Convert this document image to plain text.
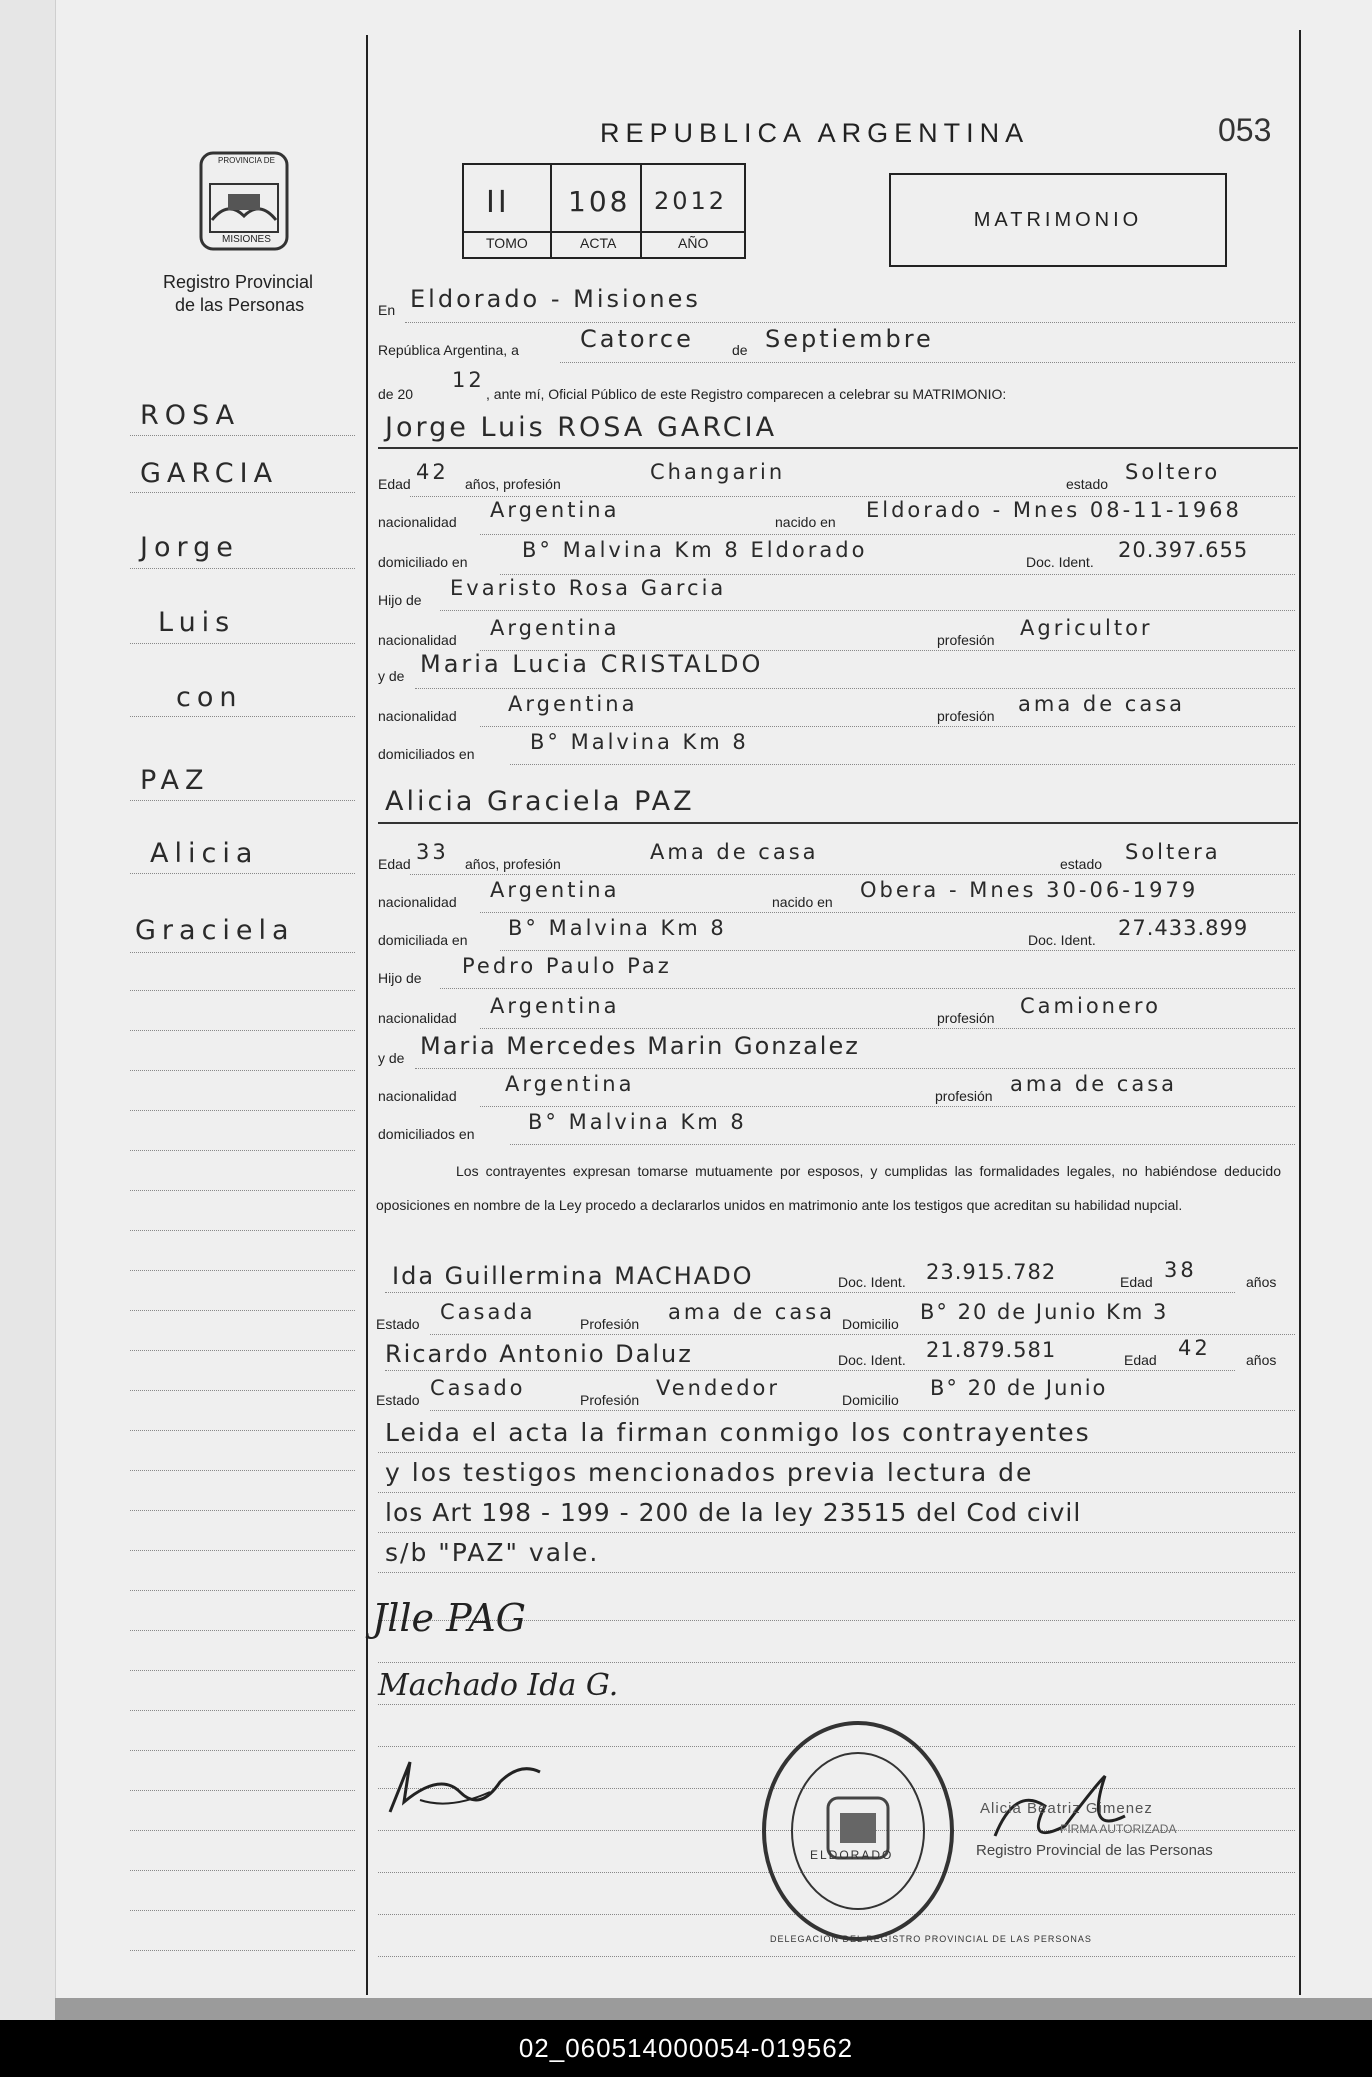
REPUBLICA ARGENTINA	053
PROVINCIA DE
MISIONES
Registro Provincial
de las Personas
II 108 2012
TOMO	ACTA	AÑO
MATRIMONIO
ROSA
GARCIA
Jorge
Luis
con
PAZ
Alicia
Graciela
En Eldorado - Misiones
República Argentina, a	Catorce	de Septiembre
de 20
12
, ante mí, Oficial Público de este Registro comparecen a celebrar su MATRIMONIO:
Jorge Luis ROSA GARCIA
Edad 42 años, profesión	Changarin	estado Soltero
nacionalidad Argentina	nacido en Eldorado - Mnes 08-11-1968
domiciliado en	B° Malvina Km 8 Eldorado	Doc. Ident. 20.397.655
Hijo de Evaristo Rosa Garcia
nacionalidad Argentina	profesión Agricultor
y de Maria Lucia CRISTALDO
nacionalidad Argentina	profesión ama de casa
domiciliados en	B° Malvina Km 8
Alicia Graciela PAZ
Edad 33 años, profesión	Ama de casa	estado Soltera
nacionalidad Argentina	nacido en Obera - Mnes 30-06-1979
domiciliada en B° Malvina Km 8	Doc. Ident. 27.433.899
Hijo de Pedro Paulo Paz
nacionalidad Argentina	profesión Camionero
y de Maria Mercedes Marin Gonzalez
nacionalidad Argentina	profesión ama de casa
domiciliados en	B° Malvina Km 8
Los contrayentes expresan tomarse mutuamente por esposos, y cumplidas las formalidades legales, no habiéndose deducido oposiciones en nombre de la Ley procedo a declararlos unidos en matrimonio ante los testigos que acreditan su habilidad nupcial.
Ida Guillermina MACHADO	Doc. Ident. 23.915.782	Edad 38	años
Estado Casada	Profesión ama de casa Domicilio B° 20 de Junio Km 3
Ricardo Antonio Daluz	Doc. Ident. 21.879.581	Edad 42	años
Estado Casado	Profesión Vendedor	Domicilio B° 20 de Junio
Leida el acta la firman conmigo los contrayentes
y los testigos mencionados previa lectura de
los Art 198 - 199 - 200 de la ley 23515 del Cod civil
s/b "PAZ" vale.
Jlle PAG
Machado Ida G.
ELDORADO
DELEGACION DEL REGISTRO PROVINCIAL DE LAS PERSONAS
Alicia Beatriz Gimenez
FIRMA AUTORIZADA
Registro Provincial de las Personas
02_060514000054-019562
